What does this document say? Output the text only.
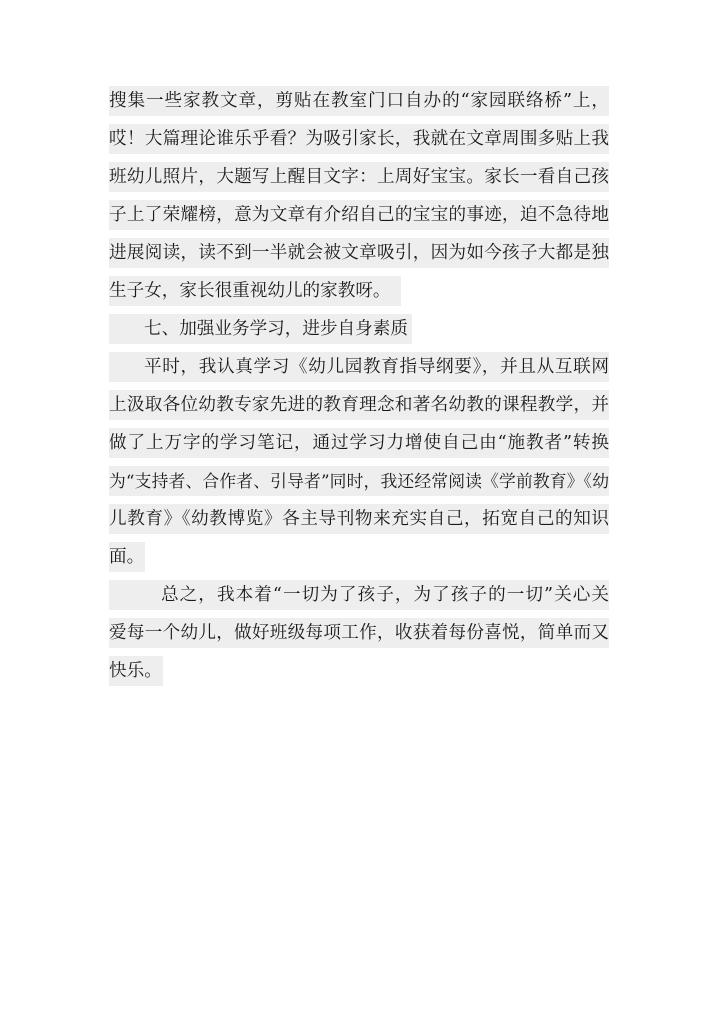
搜集一些家教文章，剪贴在教室门口自办的“家园联络桥”上，
哎！大篇理论谁乐乎看？为吸引家长，我就在文章周围多贴上我
班幼儿照片，大题写上醒目文字：上周好宝宝。家长一看自己孩
子上了荣耀榜，意为文章有介绍自己的宝宝的事迹，迫不急待地
进展阅读，读不到一半就会被文章吸引，因为如今孩子大都是独
生子女，家长很重视幼儿的家教呀。
七、加强业务学习，进步自身素质
平时，我认真学习《幼儿园教育指导纲要》，并且从互联网
上汲取各位幼教专家先进的教育理念和著名幼教的课程教学，并
做了上万字的学习笔记，通过学习力增使自己由“施教者”转换
为“支持者、合作者、引导者”同时，我还经常阅读《学前教育》《幼
儿教育》《幼教博览》各主导刊物来充实自己，拓宽自己的知识
面。
总之，我本着“一切为了孩子，为了孩子的一切”关心关
爱每一个幼儿，做好班级每项工作，收获着每份喜悦，简单而又
快乐。
